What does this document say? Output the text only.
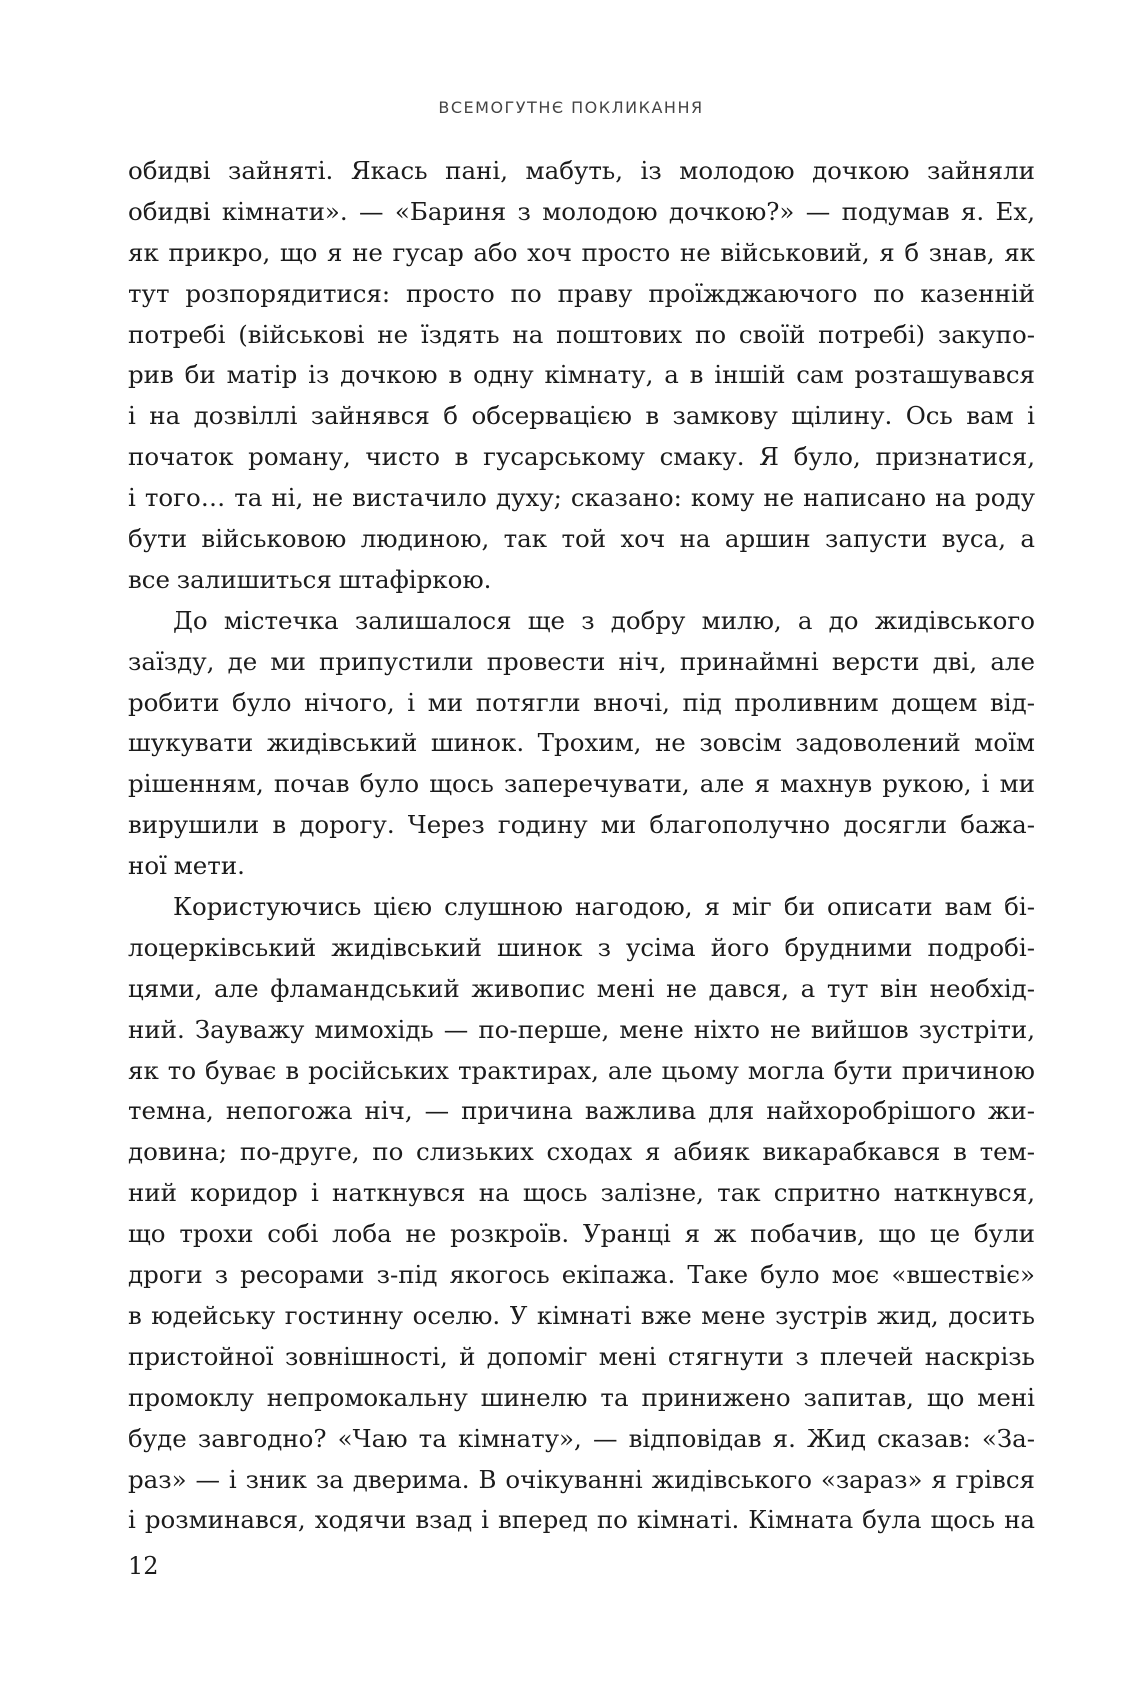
ВСЕМОГУТНЄ ПОКЛИКАННЯ
обидві зайняті. Якась пані, мабуть, із молодою дочкою зайняли
обидві кімнати». — «Бариня з молодою дочкою?» — подумав я. Ех,
як прикро, що я не гусар або хоч просто не військовий, я б знав, як
тут розпорядитися: просто по праву проїжджаючого по казенній
потребі (військові не їздять на поштових по своїй потребі) закупо-
рив би матір із дочкою в одну кімнату, а в іншій сам розташувався
і на дозвіллі зайнявся б обсервацією в замкову щілину. Ось вам і
початок роману, чисто в гусарському смаку. Я було, признатися,
і того… та ні, не вистачило духу; сказано: кому не написано на роду
бути військовою людиною, так той хоч на аршин запусти вуса, а
все залишиться штафіркою.
До містечка залишалося ще з добру милю, а до жидівського
заїзду, де ми припустили провести ніч, принаймні версти дві, але
робити було нічого, і ми потягли вночі, під проливним дощем від-
шукувати жидівський шинок. Трохим, не зовсім задоволений моїм
рішенням, почав було щось заперечувати, але я махнув рукою, і ми
вирушили в дорогу. Через годину ми благополучно досягли бажа-
ної мети.
Користуючись цією слушною нагодою, я міг би описати вам бі-
лоцерківський жидівський шинок з усіма його брудними подробі-
цями, але фламандський живопис мені не дався, а тут він необхід-
ний. Зауважу мимохідь — по-перше, мене ніхто не вийшов зустріти,
як то буває в російських трактирах, але цьому могла бути причиною
темна, непогожа ніч, — причина важлива для найхоробрішого жи-
довина; по-друге, по слизьких сходах я абияк викарабкався в тем-
ний коридор і наткнувся на щось залізне, так спритно наткнувся,
що трохи собі лоба не розкроїв. Уранці я ж побачив, що це були
дроги з ресорами з-під якогось екіпажа. Таке було моє «вшествіє»
в юдейську гостинну оселю. У кімнаті вже мене зустрів жид, досить
пристойної зовнішності, й допоміг мені стягнути з плечей наскрізь
промоклу непромокальну шинелю та принижено запитав, що мені
буде завгодно? «Чаю та кімнату», — відповідав я. Жид сказав: «За-
раз» — і зник за дверима. В очікуванні жидівського «зараз» я грівся
і розминався, ходячи взад і вперед по кімнаті. Кімната була щось на
12
